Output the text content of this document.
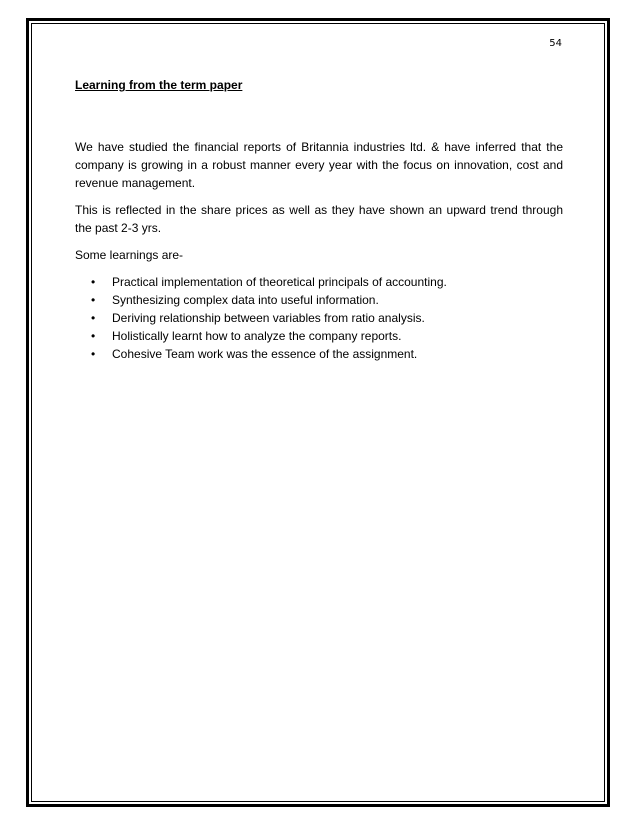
54

Learning from the term paper

We have studied the financial reports of Britannia industries ltd. & have inferred that the company is growing in a robust manner every year with the focus on innovation, cost and revenue management.

This is reflected in the share prices as well as they have shown an upward trend through the past 2-3 yrs.

Some learnings are-

• Practical implementation of theoretical principals of accounting.
• Synthesizing complex data into useful information.
• Deriving relationship between variables from ratio analysis.
• Holistically learnt how to analyze the company reports.
• Cohesive Team work was the essence of the assignment.
